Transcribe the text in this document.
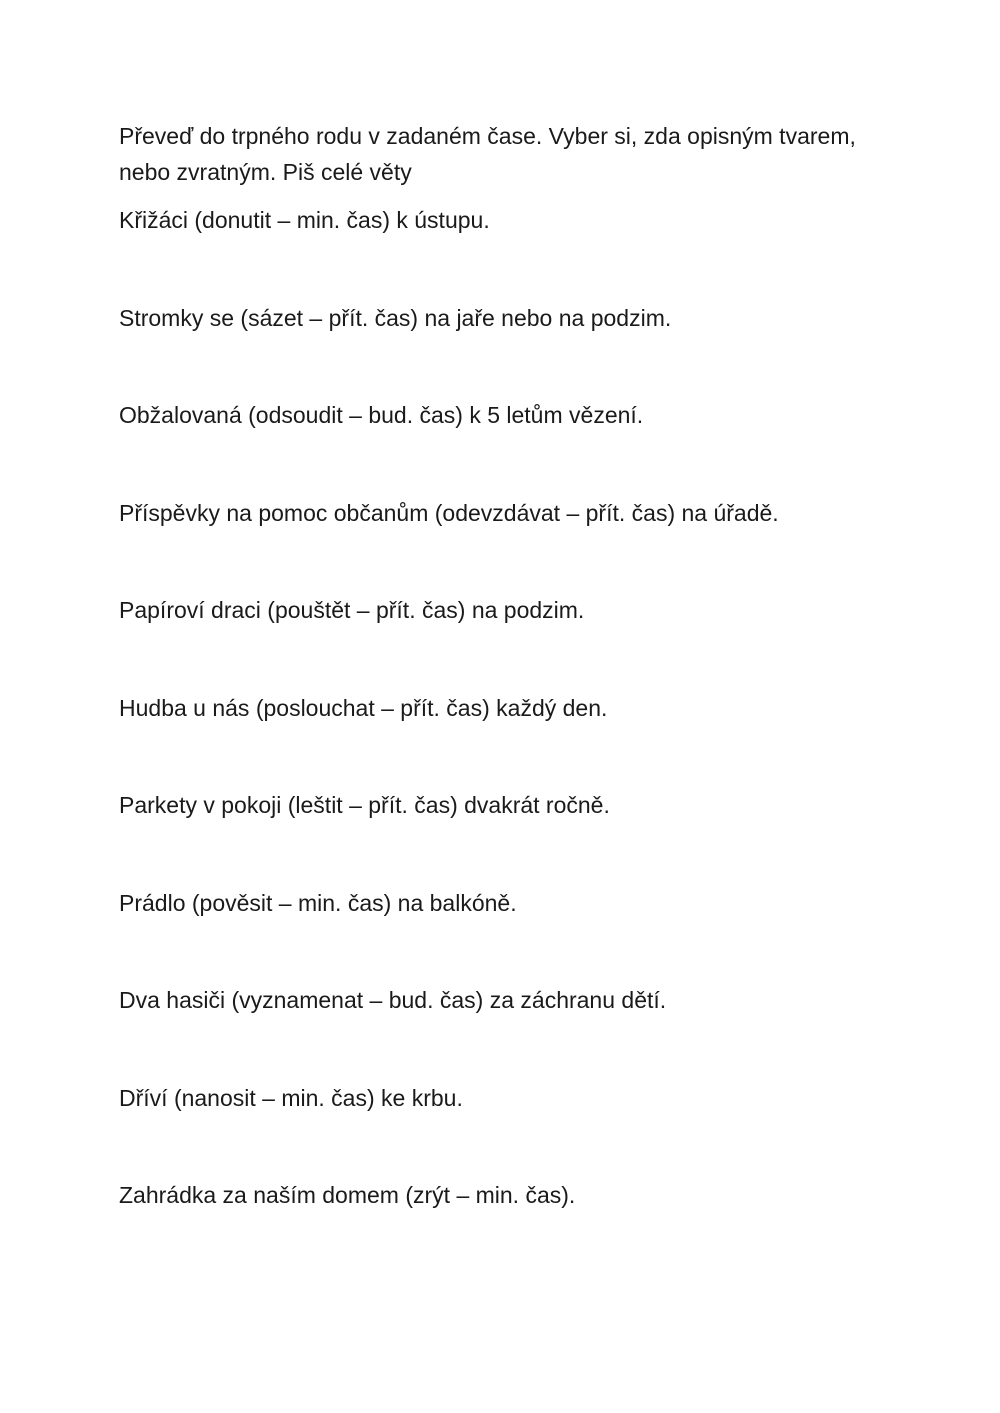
Převeď do trpného rodu v zadaném čase. Vyber si, zda opisným tvarem, nebo zvratným. Piš celé věty

Křižáci (donutit – min. čas) k ústupu.
Stromky se (sázet – přít. čas) na jaře nebo na podzim.
Obžalovaná (odsoudit – bud. čas) k 5 letům vězení.
Příspěvky na pomoc občanům (odevzdávat – přít. čas) na úřadě.
Papíroví draci (pouštět – přít. čas) na podzim.
Hudba u nás (poslouchat – přít. čas) každý den.
Parkety v pokoji (leštit – přít. čas) dvakrát ročně.
Prádlo (pověsit – min. čas) na balkóně.
Dva hasiči (vyznamenat – bud. čas) za záchranu dětí.
Dříví (nanosit – min. čas) ke krbu.
Zahrádka za naším domem (zrýt – min. čas).
